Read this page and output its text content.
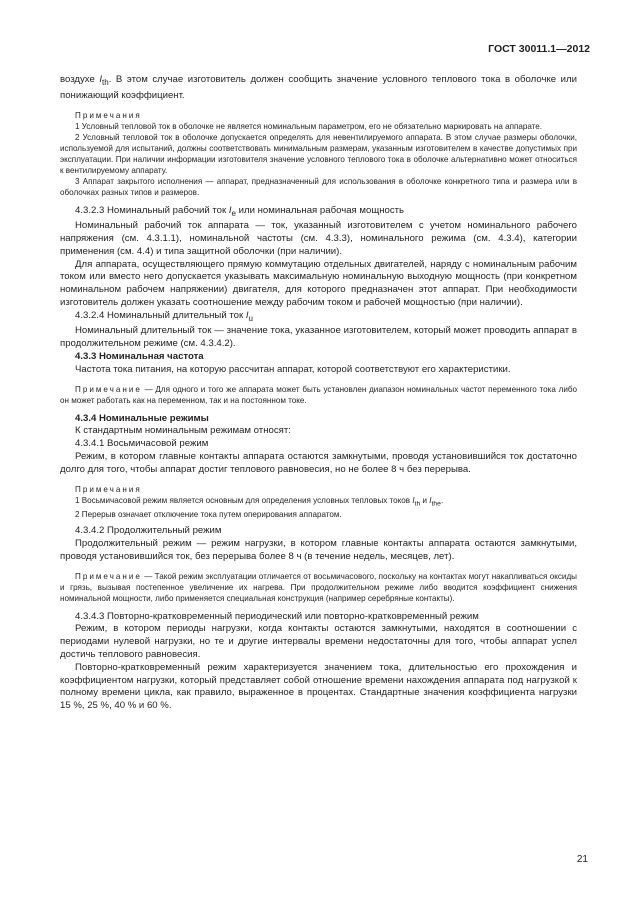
ГОСТ 30011.1—2012

воздухе $I_{th}$. В этом случае изготовитель должен сообщить значение условного теплового тока в оболочке или понижающий коэффициент.

Примечания

1 Условный тепловой ток в оболочке не является номинальным параметром, его не обязательно маркировать на аппарате.

2 Условный тепловой ток в оболочке допускается определять для невентилируемого аппарата. В этом случае размеры оболочки, используемой для испытаний, должны соответствовать минимальным размерам, указанным изготовителем в качестве допустимых при эксплуатации. При наличии информации изготовителя значение условного теплового тока в оболочке альтернативно может относиться к вентилируемому аппарату.

3 Аппарат закрытого исполнения — аппарат, предназначенный для использования в оболочке конкретного типа и размера или в оболочках разных типов и размеров.

4.3.2.3 Номинальный рабочий ток $I_e$ или номинальная рабочая мощность

Номинальный рабочий ток аппарата — ток, указанный изготовителем с учетом номинального рабочего напряжения (см. 4.3.1.1), номинальной частоты (см. 4.3.3), номинального режима (см. 4.3.4), категории применения (см. 4.4) и типа защитной оболочки (при наличии).

Для аппарата, осуществляющего прямую коммутацию отдельных двигателей, наряду с номинальным рабочим током или вместо него допускается указывать максимальную номинальную выходную мощность (при конкретном номинальном рабочем напряжении) двигателя, для которого предназначен этот аппарат. При необходимости изготовитель должен указать соотношение между рабочим током и рабочей мощностью (при наличии).

4.3.2.4 Номинальный длительный ток $I_u$

Номинальный длительный ток — значение тока, указанное изготовителем, который может проводить аппарат в продолжительном режиме (см. 4.3.4.2).

4.3.3 Номинальная частота

Частота тока питания, на которую рассчитан аппарат, которой соответствуют его характеристики.

Примечание — Для одного и того же аппарата может быть установлен диапазон номинальных частот переменного тока либо он может работать как на переменном, так и на постоянном токе.

4.3.4 Номинальные режимы

К стандартным номинальным режимам относят:

4.3.4.1 Восьмичасовой режим

Режим, в котором главные контакты аппарата остаются замкнутыми, проводя установившийся ток достаточно долго для того, чтобы аппарат достиг теплового равновесия, но не более 8 ч без перерыва.

Примечания

1 Восьмичасовой режим является основным для определения условных тепловых токов $I_{th}$ и $I_{the}$.

2 Перерыв означает отключение тока путем оперирования аппаратом.

4.3.4.2 Продолжительный режим

Продолжительный режим — режим нагрузки, в котором главные контакты аппарата остаются замкнутыми, проводя установившийся ток, без перерыва более 8 ч (в течение недель, месяцев, лет).

Примечание — Такой режим эксплуатации отличается от восьмичасового, поскольку на контактах могут накапливаться оксиды и грязь, вызывая постепенное увеличение их нагрева. При продолжительном режиме либо вводится коэффициент снижения номинальной мощности, либо применяется специальная конструкция (например серебряные контакты).

4.3.4.3 Повторно-кратковременный периодический или повторно-кратковременный режим

Режим, в котором периоды нагрузки, когда контакты остаются замкнутыми, находятся в соотношении с периодами нулевой нагрузки, но те и другие интервалы времени недостаточны для того, чтобы аппарат успел достичь теплового равновесия.

Повторно-кратковременный режим характеризуется значением тока, длительностью его прохождения и коэффициентом нагрузки, который представляет собой отношение времени нахождения аппарата под нагрузкой к полному времени цикла, как правило, выраженное в процентах. Стандартные значения коэффициента нагрузки 15 %, 25 %, 40 % и 60 %.

21
